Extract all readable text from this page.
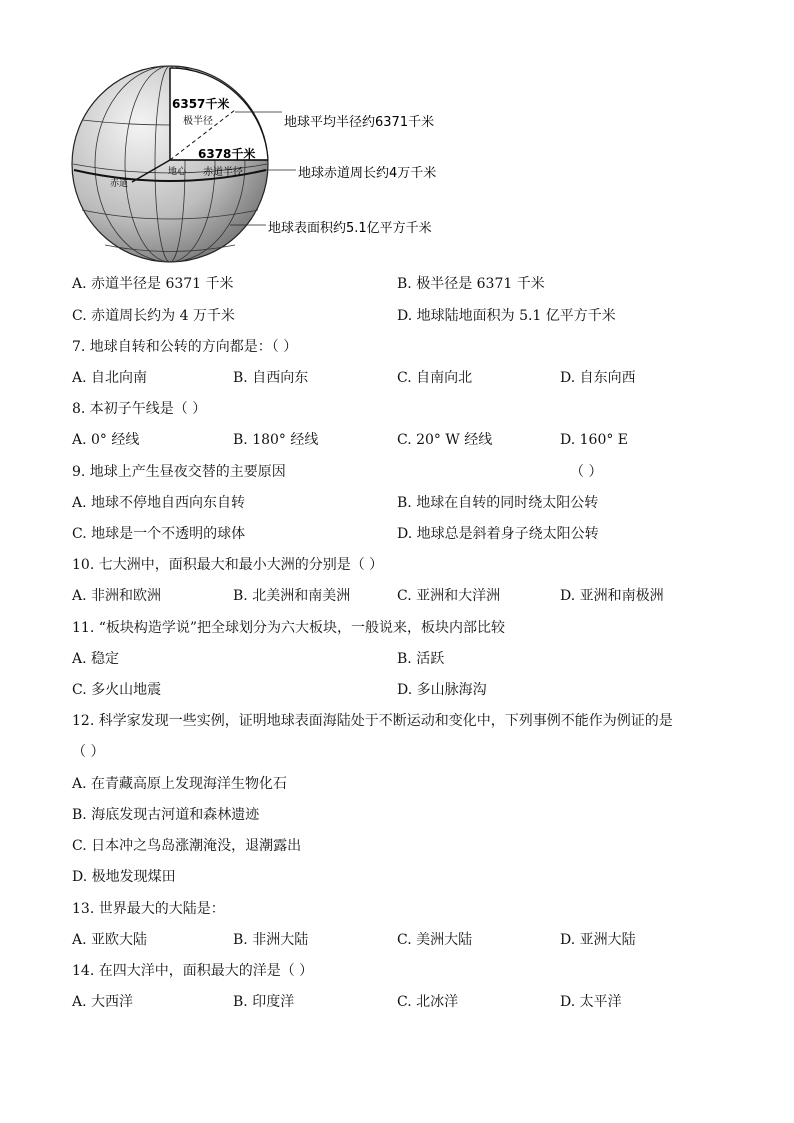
6357千米
极半径
6378千米
赤道半径
地心
赤道
地球平均半径约6371千米
地球赤道周长约4万千米
地球表面积约5.1亿平方千米
A. 赤道半径是 6371 千米	B. 极半径是 6371 千米
C. 赤道周长约为 4 万千米	D. 地球陆地面积为 5.1 亿平方千米
7. 地球自转和公转的方向都是：（ ）
A. 自北向南	B. 自西向东	C. 自南向北	D. 自东向西
8. 本初子午线是（ ）
A. 0° 经线	B. 180° 经线	C. 20° W 经线	D. 160° E
9. 地球上产生昼夜交替的主要原因	（ ）
A. 地球不停地自西向东自转	B. 地球在自转的同时绕太阳公转
C. 地球是一个不透明的球体	D. 地球总是斜着身子绕太阳公转
10. 七大洲中，面积最大和最小大洲的分别是（ ）
A. 非洲和欧洲	B. 北美洲和南美洲	C. 亚洲和大洋洲	D. 亚洲和南极洲
11. “板块构造学说”把全球划分为六大板块，一般说来，板块内部比较
A. 稳定	B. 活跃
C. 多火山地震	D. 多山脉海沟
12. 科学家发现一些实例，证明地球表面海陆处于不断运动和变化中，下列事例不能作为例证的是
（ ）
A. 在青藏高原上发现海洋生物化石
B. 海底发现古河道和森林遗迹
C. 日本冲之鸟岛涨潮淹没，退潮露出
D. 极地发现煤田
13. 世界最大的大陆是：
A. 亚欧大陆	B. 非洲大陆	C. 美洲大陆	D. 亚洲大陆
14. 在四大洋中，面积最大的洋是（ ）
A. 大西洋	B. 印度洋	C. 北冰洋	D. 太平洋
